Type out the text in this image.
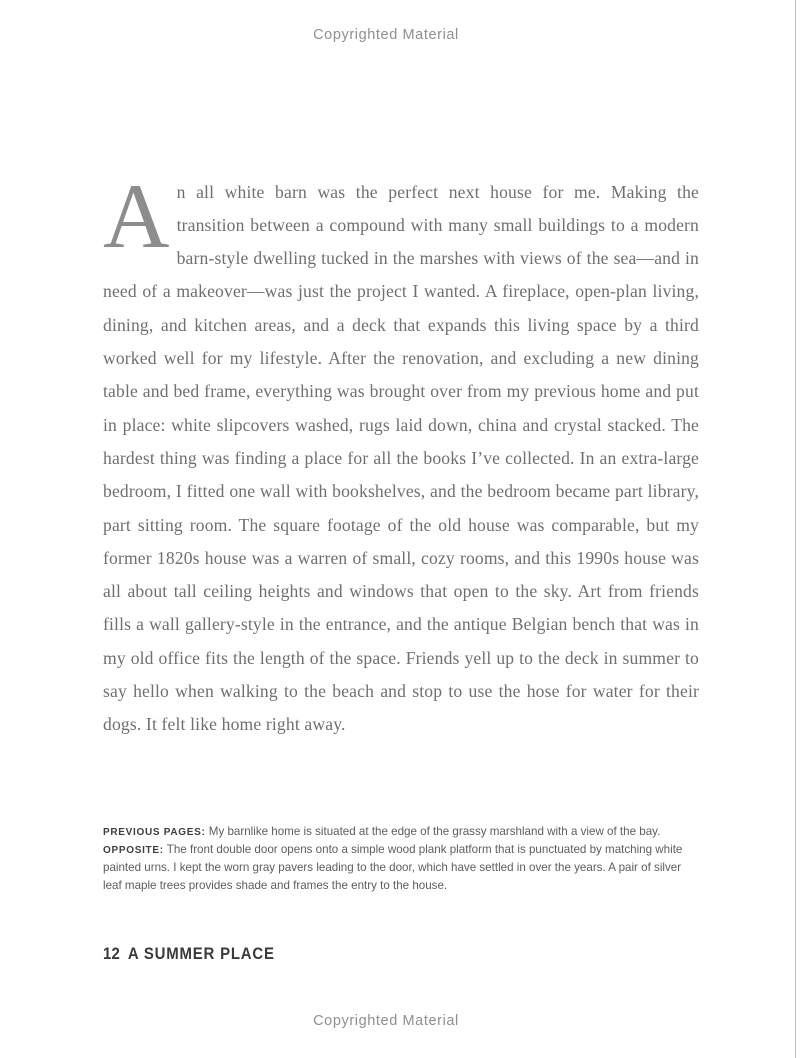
Copyrighted Material

An all white barn was the perfect next house for me. Making the transition between a compound with many small buildings to a modern barn-style dwelling tucked in the marshes with views of the sea—and in need of a makeover—was just the project I wanted. A fireplace, open-plan living, dining, and kitchen areas, and a deck that expands this living space by a third worked well for my lifestyle. After the renovation, and excluding a new dining table and bed frame, everything was brought over from my previous home and put in place: white slipcovers washed, rugs laid down, china and crystal stacked. The hardest thing was finding a place for all the books I’ve collected. In an extra-large bedroom, I fitted one wall with bookshelves, and the bedroom became part library, part sitting room. The square footage of the old house was comparable, but my former 1820s house was a warren of small, cozy rooms, and this 1990s house was all about tall ceiling heights and windows that open to the sky. Art from friends fills a wall gallery-style in the entrance, and the antique Belgian bench that was in my old office fits the length of the space. Friends yell up to the deck in summer to say hello when walking to the beach and stop to use the hose for water for their dogs. It felt like home right away.

PREVIOUS PAGES: My barnlike home is situated at the edge of the grassy marshland with a view of the bay. OPPOSITE: The front double door opens onto a simple wood plank platform that is punctuated by matching white painted urns. I kept the worn gray pavers leading to the door, which have settled in over the years. A pair of silver leaf maple trees provides shade and frames the entry to the house.
12 A SUMMER PLACE
Copyrighted Material
